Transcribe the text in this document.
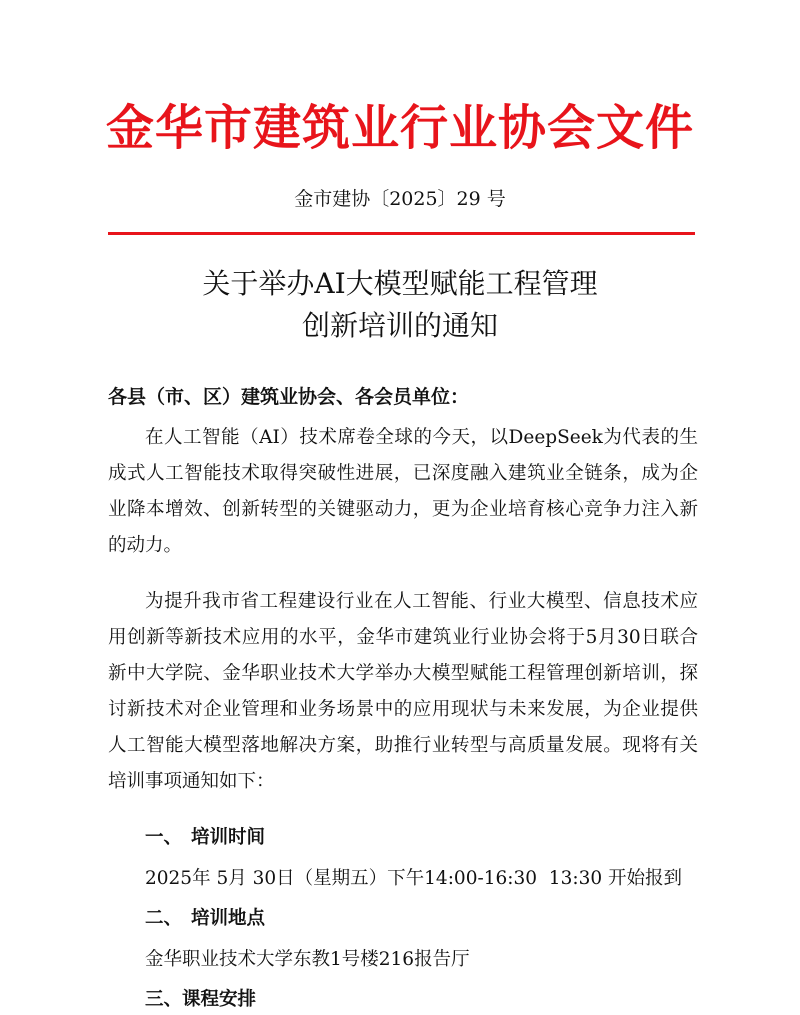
金华市建筑业行业协会文件
金市建协〔2025〕29 号
关于举办AI大模型赋能工程管理
创新培训的通知
各县（市、区）建筑业协会、各会员单位：

在人工智能（AI）技术席卷全球的今天，以DeepSeek为代表的生成式人工智能技术取得突破性进展，已深度融入建筑业全链条，成为企业降本增效、创新转型的关键驱动力，更为企业培育核心竞争力注入新的动力。

为提升我市省工程建设行业在人工智能、行业大模型、信息技术应用创新等新技术应用的水平，金华市建筑业行业协会将于5月30日联合新中大学院、金华职业技术大学举办大模型赋能工程管理创新培训，探讨新技术对企业管理和业务场景中的应用现状与未来发展，为企业提供人工智能大模型落地解决方案，助推行业转型与高质量发展。现将有关培训事项通知如下：

一、 培训时间
2025年 5月 30日（星期五）下午14:00-16:30  13:30 开始报到
二、 培训地点
金华职业技术大学东教1号楼216报告厅
三、课程安排
